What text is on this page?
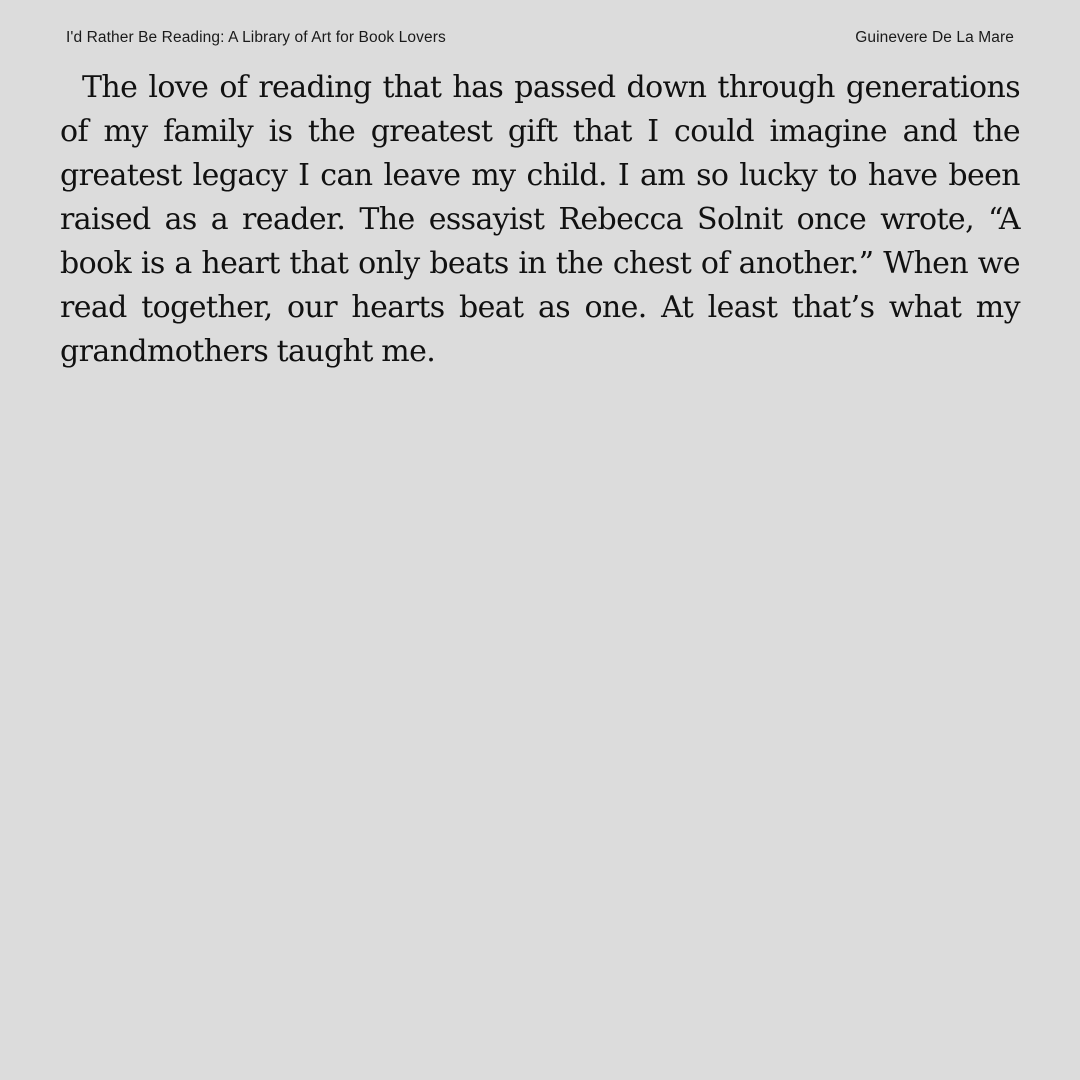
I'd Rather Be Reading: A Library of Art for Book Lovers	Guinevere De La Mare

The love of reading that has passed down through generations of my family is the greatest gift that I could imagine and the greatest legacy I can leave my child. I am so lucky to have been raised as a reader. The essayist Rebecca Solnit once wrote, “A book is a heart that only beats in the chest of another.” When we read together, our hearts beat as one. At least that’s what my grandmothers taught me.
